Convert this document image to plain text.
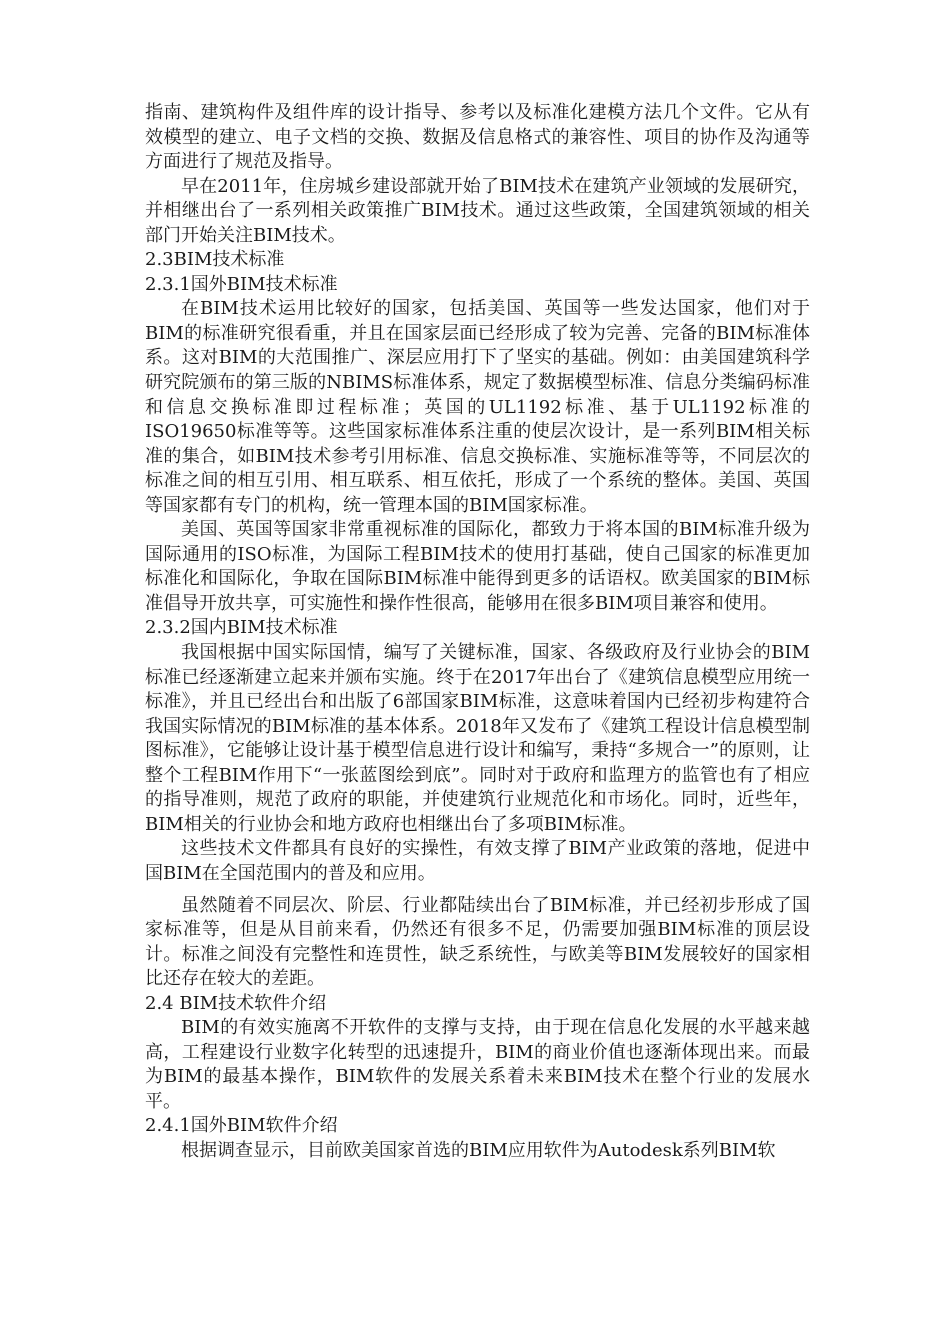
指南、建筑构件及组件库的设计指导、参考以及标准化建模方法几个文件。它从有效模型的建立、电子文档的交换、数据及信息格式的兼容性、项目的协作及沟通等方面进行了规范及指导。

早在2011年，住房城乡建设部就开始了BIM技术在建筑产业领域的发展研究，并相继出台了一系列相关政策推广BIM技术。通过这些政策，全国建筑领域的相关部门开始关注BIM技术。

2.3BIM技术标准

2.3.1国外BIM技术标准

在BIM技术运用比较好的国家，包括美国、英国等一些发达国家，他们对于BIM的标准研究很看重，并且在国家层面已经形成了较为完善、完备的BIM标准体系。这对BIM的大范围推广、深层应用打下了坚实的基础。例如：由美国建筑科学研究院颁布的第三版的NBIMS标准体系，规定了数据模型标准、信息分类编码标准和信息交换标准即过程标准；英国的UL1192标准、基于UL1192标准的ISO19650标准等等。这些国家标准体系注重的使层次设计，是一系列BIM相关标准的集合，如BIM技术参考引用标准、信息交换标准、实施标准等等，不同层次的标准之间的相互引用、相互联系、相互依托，形成了一个系统的整体。美国、英国等国家都有专门的机构，统一管理本国的BIM国家标准。

美国、英国等国家非常重视标准的国际化，都致力于将本国的BIM标准升级为国际通用的ISO标准，为国际工程BIM技术的使用打基础，使自己国家的标准更加标准化和国际化，争取在国际BIM标准中能得到更多的话语权。欧美国家的BIM标准倡导开放共享，可实施性和操作性很高，能够用在很多BIM项目兼容和使用。

2.3.2国内BIM技术标准

我国根据中国实际国情，编写了关键标准，国家、各级政府及行业协会的BIM标准已经逐渐建立起来并颁布实施。终于在2017年出台了《建筑信息模型应用统一标准》，并且已经出台和出版了6部国家BIM标准，这意味着国内已经初步构建符合我国实际情况的BIM标准的基本体系。2018年又发布了《建筑工程设计信息模型制图标准》，它能够让设计基于模型信息进行设计和编写，秉持“多规合一”的原则，让整个工程BIM作用下“一张蓝图绘到底”。同时对于政府和监理方的监管也有了相应的指导准则，规范了政府的职能，并使建筑行业规范化和市场化。同时，近些年，BIM相关的行业协会和地方政府也相继出台了多项BIM标准。

这些技术文件都具有良好的实操性，有效支撑了BIM产业政策的落地，促进中国BIM在全国范围内的普及和应用。

虽然随着不同层次、阶层、行业都陆续出台了BIM标准，并已经初步形成了国家标准等，但是从目前来看，仍然还有很多不足，仍需要加强BIM标准的顶层设计。标准之间没有完整性和连贯性，缺乏系统性，与欧美等BIM发展较好的国家相比还存在较大的差距。

2.4 BIM技术软件介绍

BIM的有效实施离不开软件的支撑与支持，由于现在信息化发展的水平越来越高，工程建设行业数字化转型的迅速提升，BIM的商业价值也逐渐体现出来。而最为BIM的最基本操作，BIM软件的发展关系着未来BIM技术在整个行业的发展水平。

2.4.1国外BIM软件介绍

根据调查显示，目前欧美国家首选的BIM应用软件为Autodesk系列BIM软
